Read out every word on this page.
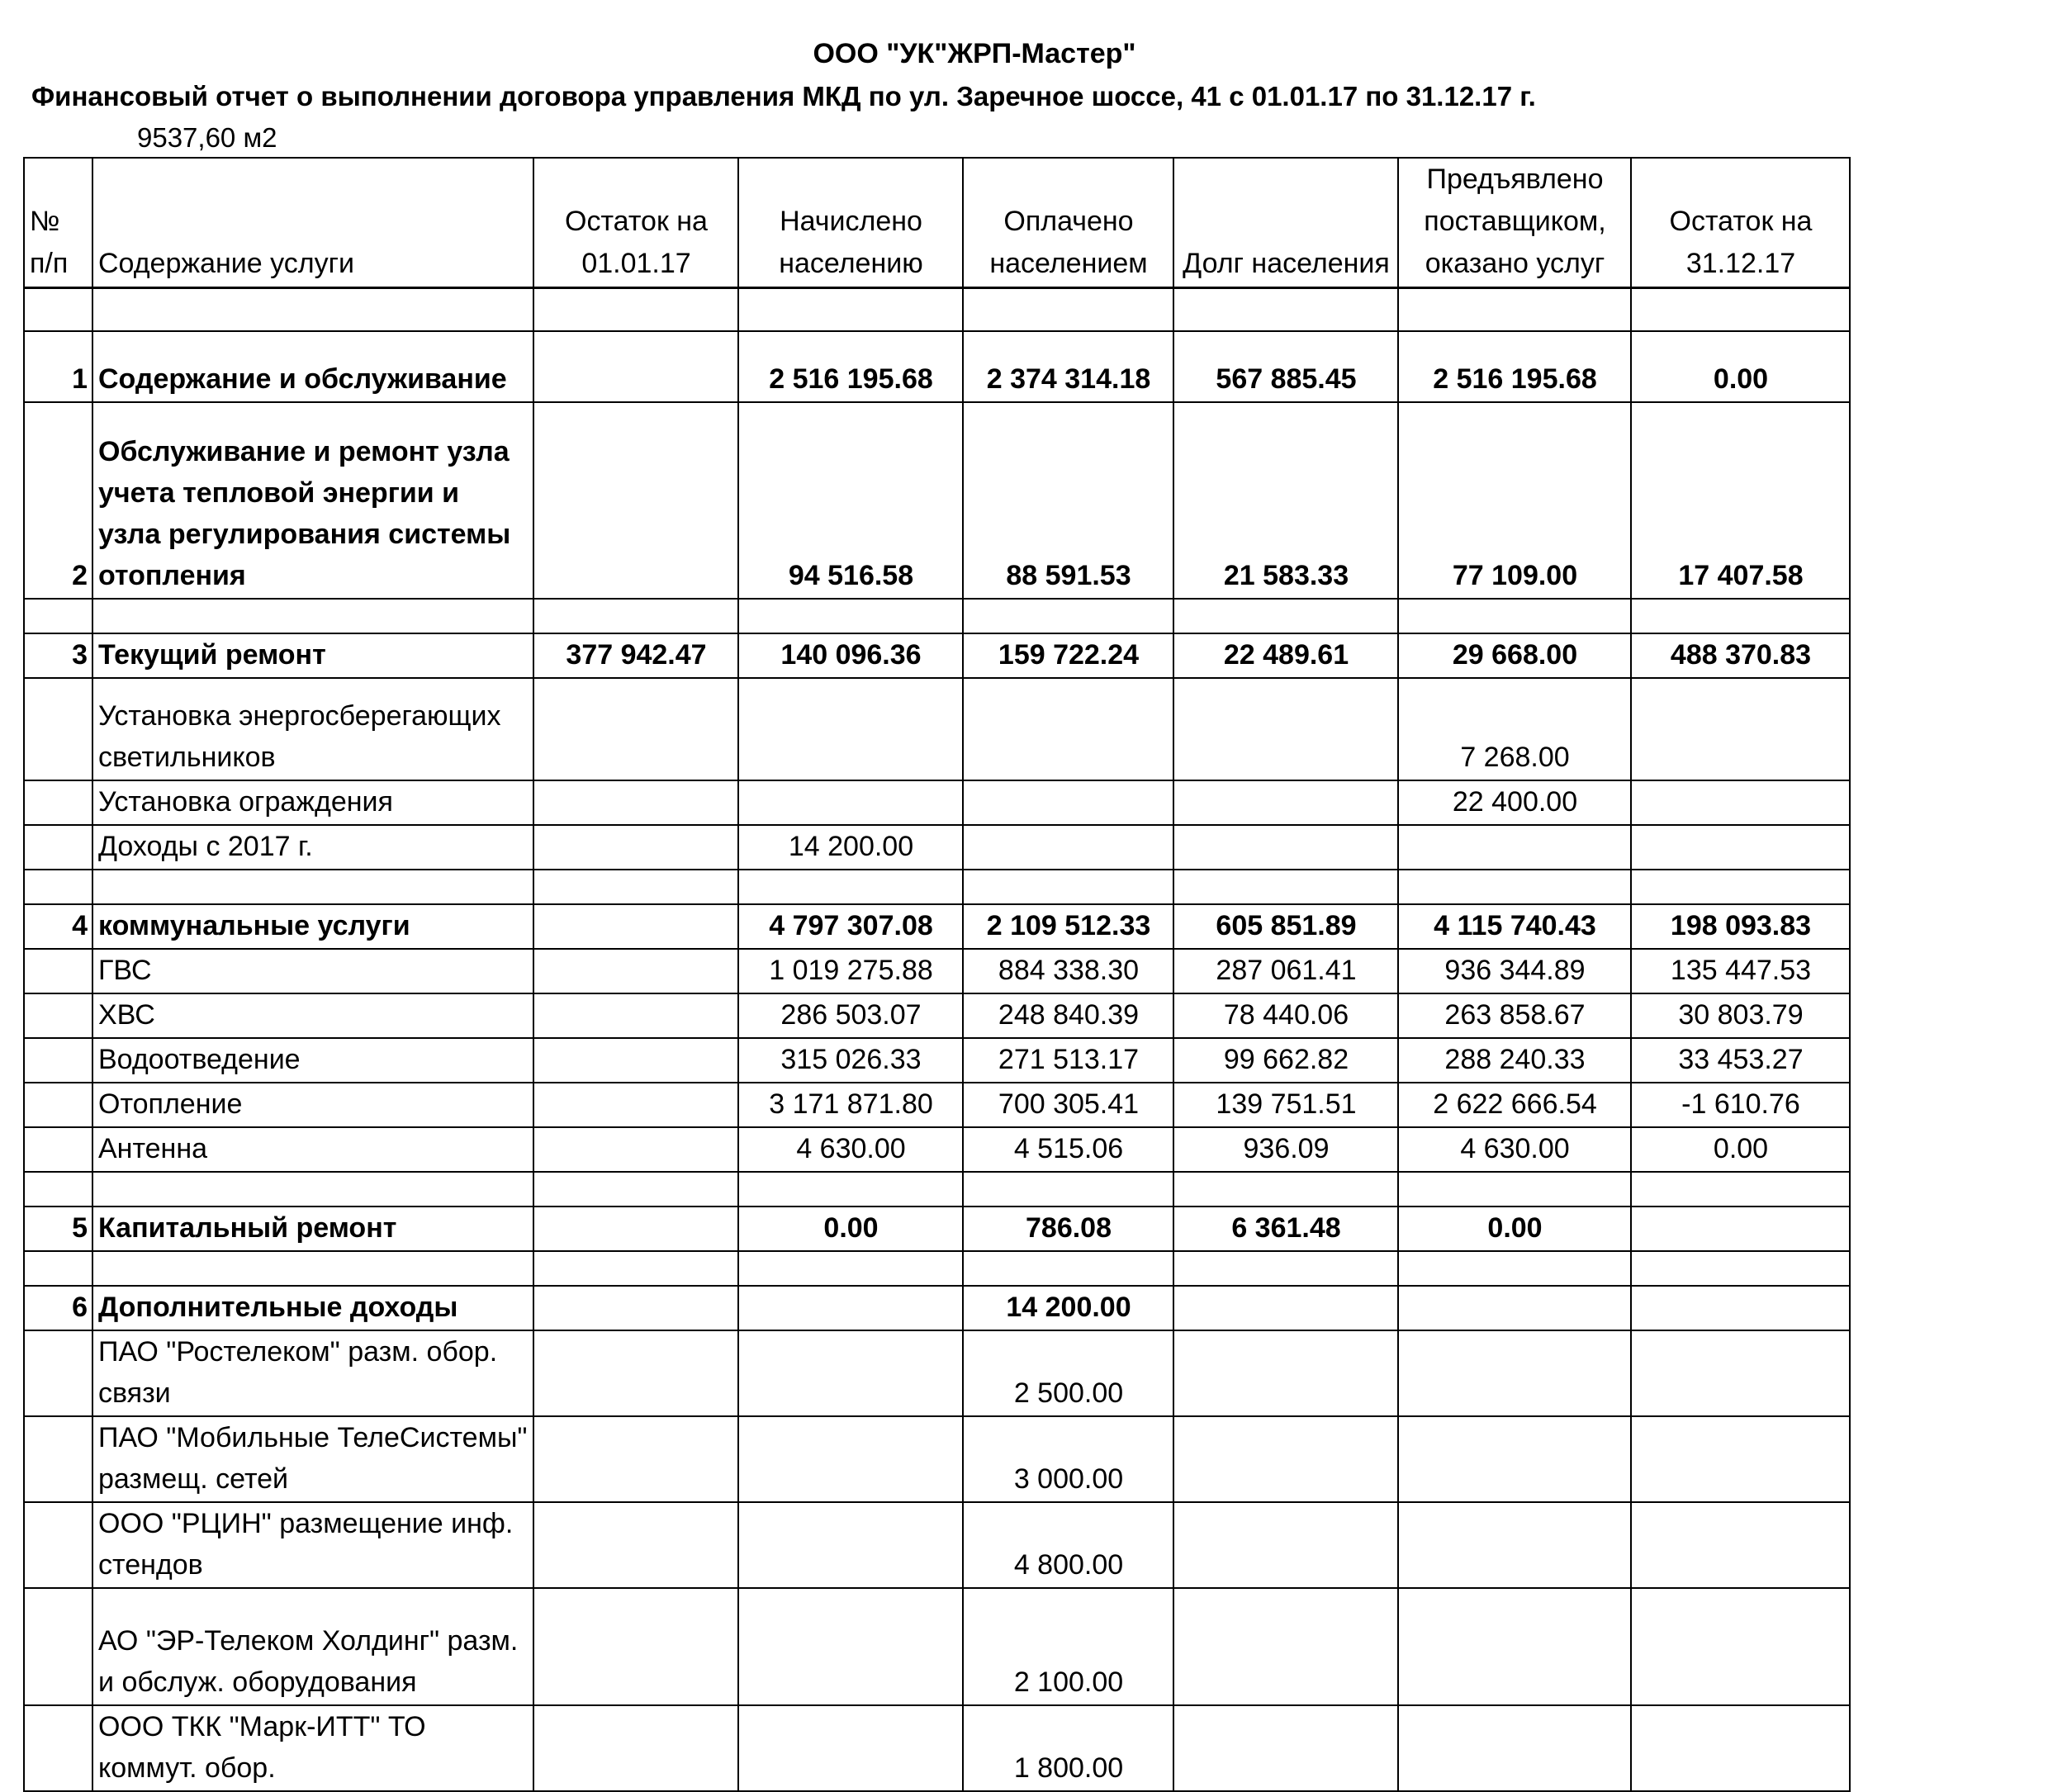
ООО "УК"ЖРП-Мастер"
Финансовый отчет о выполнении договора управления МКД по ул. Заречное шоссе, 41 с 01.01.17 по 31.12.17 г.
9537,60 м2
№ п/п	Содержание услуги	Остаток на 01.01.17	Начислено населению	Оплачено населением	Долг населения	Предъявлено поставщиком, оказано услуг	Остаток на 31.12.17

1	Содержание и обслуживание		2 516 195.68	2 374 314.18	567 885.45	2 516 195.68	0.00
2	Обслуживание и ремонт узла учета тепловой энергии и узла регулирования системы отопления		94 516.58	88 591.53	21 583.33	77 109.00	17 407.58

3	Текущий ремонт	377 942.47	140 096.36	159 722.24	22 489.61	29 668.00	488 370.83
	Установка энергосберегающих светильников					7 268.00	
	Установка ограждения					22 400.00	
	Доходы с 2017 г.		14 200.00				

4	коммунальные услуги		4 797 307.08	2 109 512.33	605 851.89	4 115 740.43	198 093.83
	ГВС		1 019 275.88	884 338.30	287 061.41	936 344.89	135 447.53
	ХВС		286 503.07	248 840.39	78 440.06	263 858.67	30 803.79
	Водоотведение		315 026.33	271 513.17	99 662.82	288 240.33	33 453.27
	Отопление		3 171 871.80	700 305.41	139 751.51	2 622 666.54	-1 610.76
	Антенна		4 630.00	4 515.06	936.09	4 630.00	0.00

5	Капитальный ремонт		0.00	786.08	6 361.48	0.00	

6	Дополнительные доходы			14 200.00			
	ПАО "Ростелеком" разм. обор. связи			2 500.00			
	ПАО "Мобильные ТелеСистемы" размещ. сетей			3 000.00			
	ООО "РЦИН" размещение инф. стендов			4 800.00			
	АО "ЭР-Телеком Холдинг" разм. и обслуж. оборудования			2 100.00			
	ООО ТКК "Марк-ИТТ" ТО коммут. обор.			1 800.00			
